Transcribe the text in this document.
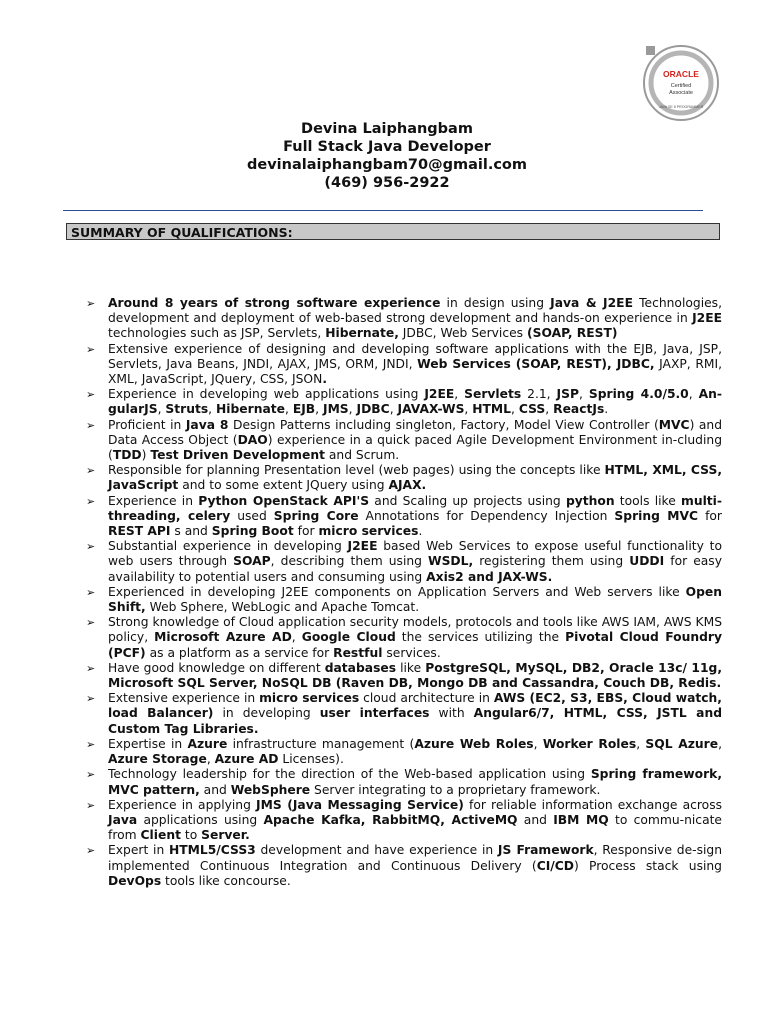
ORACLE
Certified
Associate
JAVA SE 8 PROGRAMMER
Devina Laiphangbam
Full Stack Java Developer
devinalaiphangbam70@gmail.com
(469) 956-2922
SUMMARY OF QUALIFICATIONS:
➢	Around 8 years of strong software experience in design using Java & J2EE Technologies, development and deployment of web-based strong development and hands-on experience in J2EE technologies such as JSP, Servlets, Hibernate, JDBC, Web Services (SOAP, REST)
➢	Extensive experience of designing and developing software applications with the EJB, Java, JSP, Servlets, Java Beans, JNDI, AJAX, JMS, ORM, JNDI, Web Services (SOAP, REST), JDBC, JAXP, RMI, XML, JavaScript, JQuery, CSS, JSON.
➢	Experience in developing web applications using J2EE, Servlets 2.1, JSP, Spring 4.0/5.0, An-gularJS, Struts, Hibernate, EJB, JMS, JDBC, JAVAX-WS, HTML, CSS, ReactJs.
➢	Proficient in Java 8 Design Patterns including singleton, Factory, Model View Controller (MVC) and Data Access Object (DAO) experience in a quick paced Agile Development Environment in-cluding (TDD) Test Driven Development and Scrum.
➢	Responsible for planning Presentation level (web pages) using the concepts like HTML, XML, CSS, JavaScript and to some extent JQuery using AJAX.
➢	Experience in Python OpenStack API'S and Scaling up projects using python tools like multi-threading, celery used Spring Core Annotations for Dependency Injection Spring MVC for REST API s and Spring Boot for micro services.
➢	Substantial experience in developing J2EE based Web Services to expose useful functionality to web users through SOAP, describing them using WSDL, registering them using UDDI for easy availability to potential users and consuming using Axis2 and JAX-WS.
➢	Experienced in developing J2EE components on Application Servers and Web servers like Open Shift, Web Sphere, WebLogic and Apache Tomcat.
➢	Strong knowledge of Cloud application security models, protocols and tools like AWS IAM, AWS KMS policy, Microsoft Azure AD, Google Cloud the services utilizing the Pivotal Cloud Foundry (PCF) as a platform as a service for Restful services.
➢	Have good knowledge on different databases like PostgreSQL, MySQL, DB2, Oracle 13c/ 11g, Microsoft SQL Server, NoSQL DB (Raven DB, Mongo DB and Cassandra, Couch DB, Redis.
➢	Extensive experience in micro services cloud architecture in AWS (EC2, S3, EBS, Cloud watch, load Balancer) in developing user interfaces with Angular6/7, HTML, CSS, JSTL and Custom Tag Libraries.
➢	Expertise in Azure infrastructure management (Azure Web Roles, Worker Roles, SQL Azure, Azure Storage, Azure AD Licenses).
➢	Technology leadership for the direction of the Web-based application using Spring framework, MVC pattern, and WebSphere Server integrating to a proprietary framework.
➢	Experience in applying JMS (Java Messaging Service) for reliable information exchange across Java applications using Apache Kafka, RabbitMQ, ActiveMQ and IBM MQ to commu-nicate from Client to Server.
➢	Expert in HTML5/CSS3 development and have experience in JS Framework, Responsive de-sign implemented Continuous Integration and Continuous Delivery (CI/CD) Process stack using DevOps tools like concourse.
